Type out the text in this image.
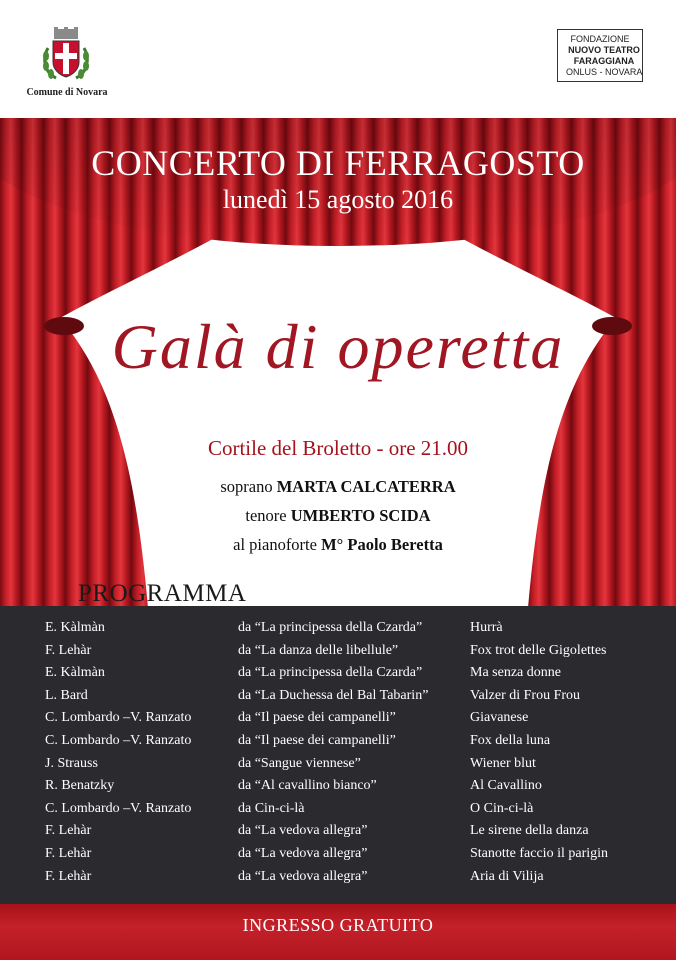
Comune di Novara
FONDAZIONE
NUOVO TEATRO
FARAGGIANA
ONLUS - NOVARA
CONCERTO DI FERRAGOSTO
lunedì 15 agosto 2016
Galà di operetta
Cortile del Broletto - ore 21.00
soprano MARTA CALCATERRA
tenore UMBERTO SCIDA
al pianoforte M° Paolo Beretta
PROGRAMMA
E. Kàlmàn	da “La principessa della Czarda”	Hurrà
F. Lehàr	da “La danza delle libellule”	Fox trot delle Gigolettes
E. Kàlmàn	da “La principessa della Czarda”	Ma senza donne
L. Bard	da “La Duchessa del Bal Tabarin”	Valzer di Frou Frou
C. Lombardo –V. Ranzato	da “Il paese dei campanelli”	Giavanese
C. Lombardo –V. Ranzato	da “Il paese dei campanelli”	Fox della luna
J. Strauss	da “Sangue viennese”	Wiener blut
R. Benatzky	da “Al cavallino bianco”	Al Cavallino
C. Lombardo –V. Ranzato	da Cin-ci-là	O Cin-ci-là
F. Lehàr	da “La vedova allegra”	Le sirene della danza
F. Lehàr	da “La vedova allegra”	Stanotte faccio il parigin
F. Lehàr	da “La vedova allegra”	Aria di Vilija
INGRESSO GRATUITO
